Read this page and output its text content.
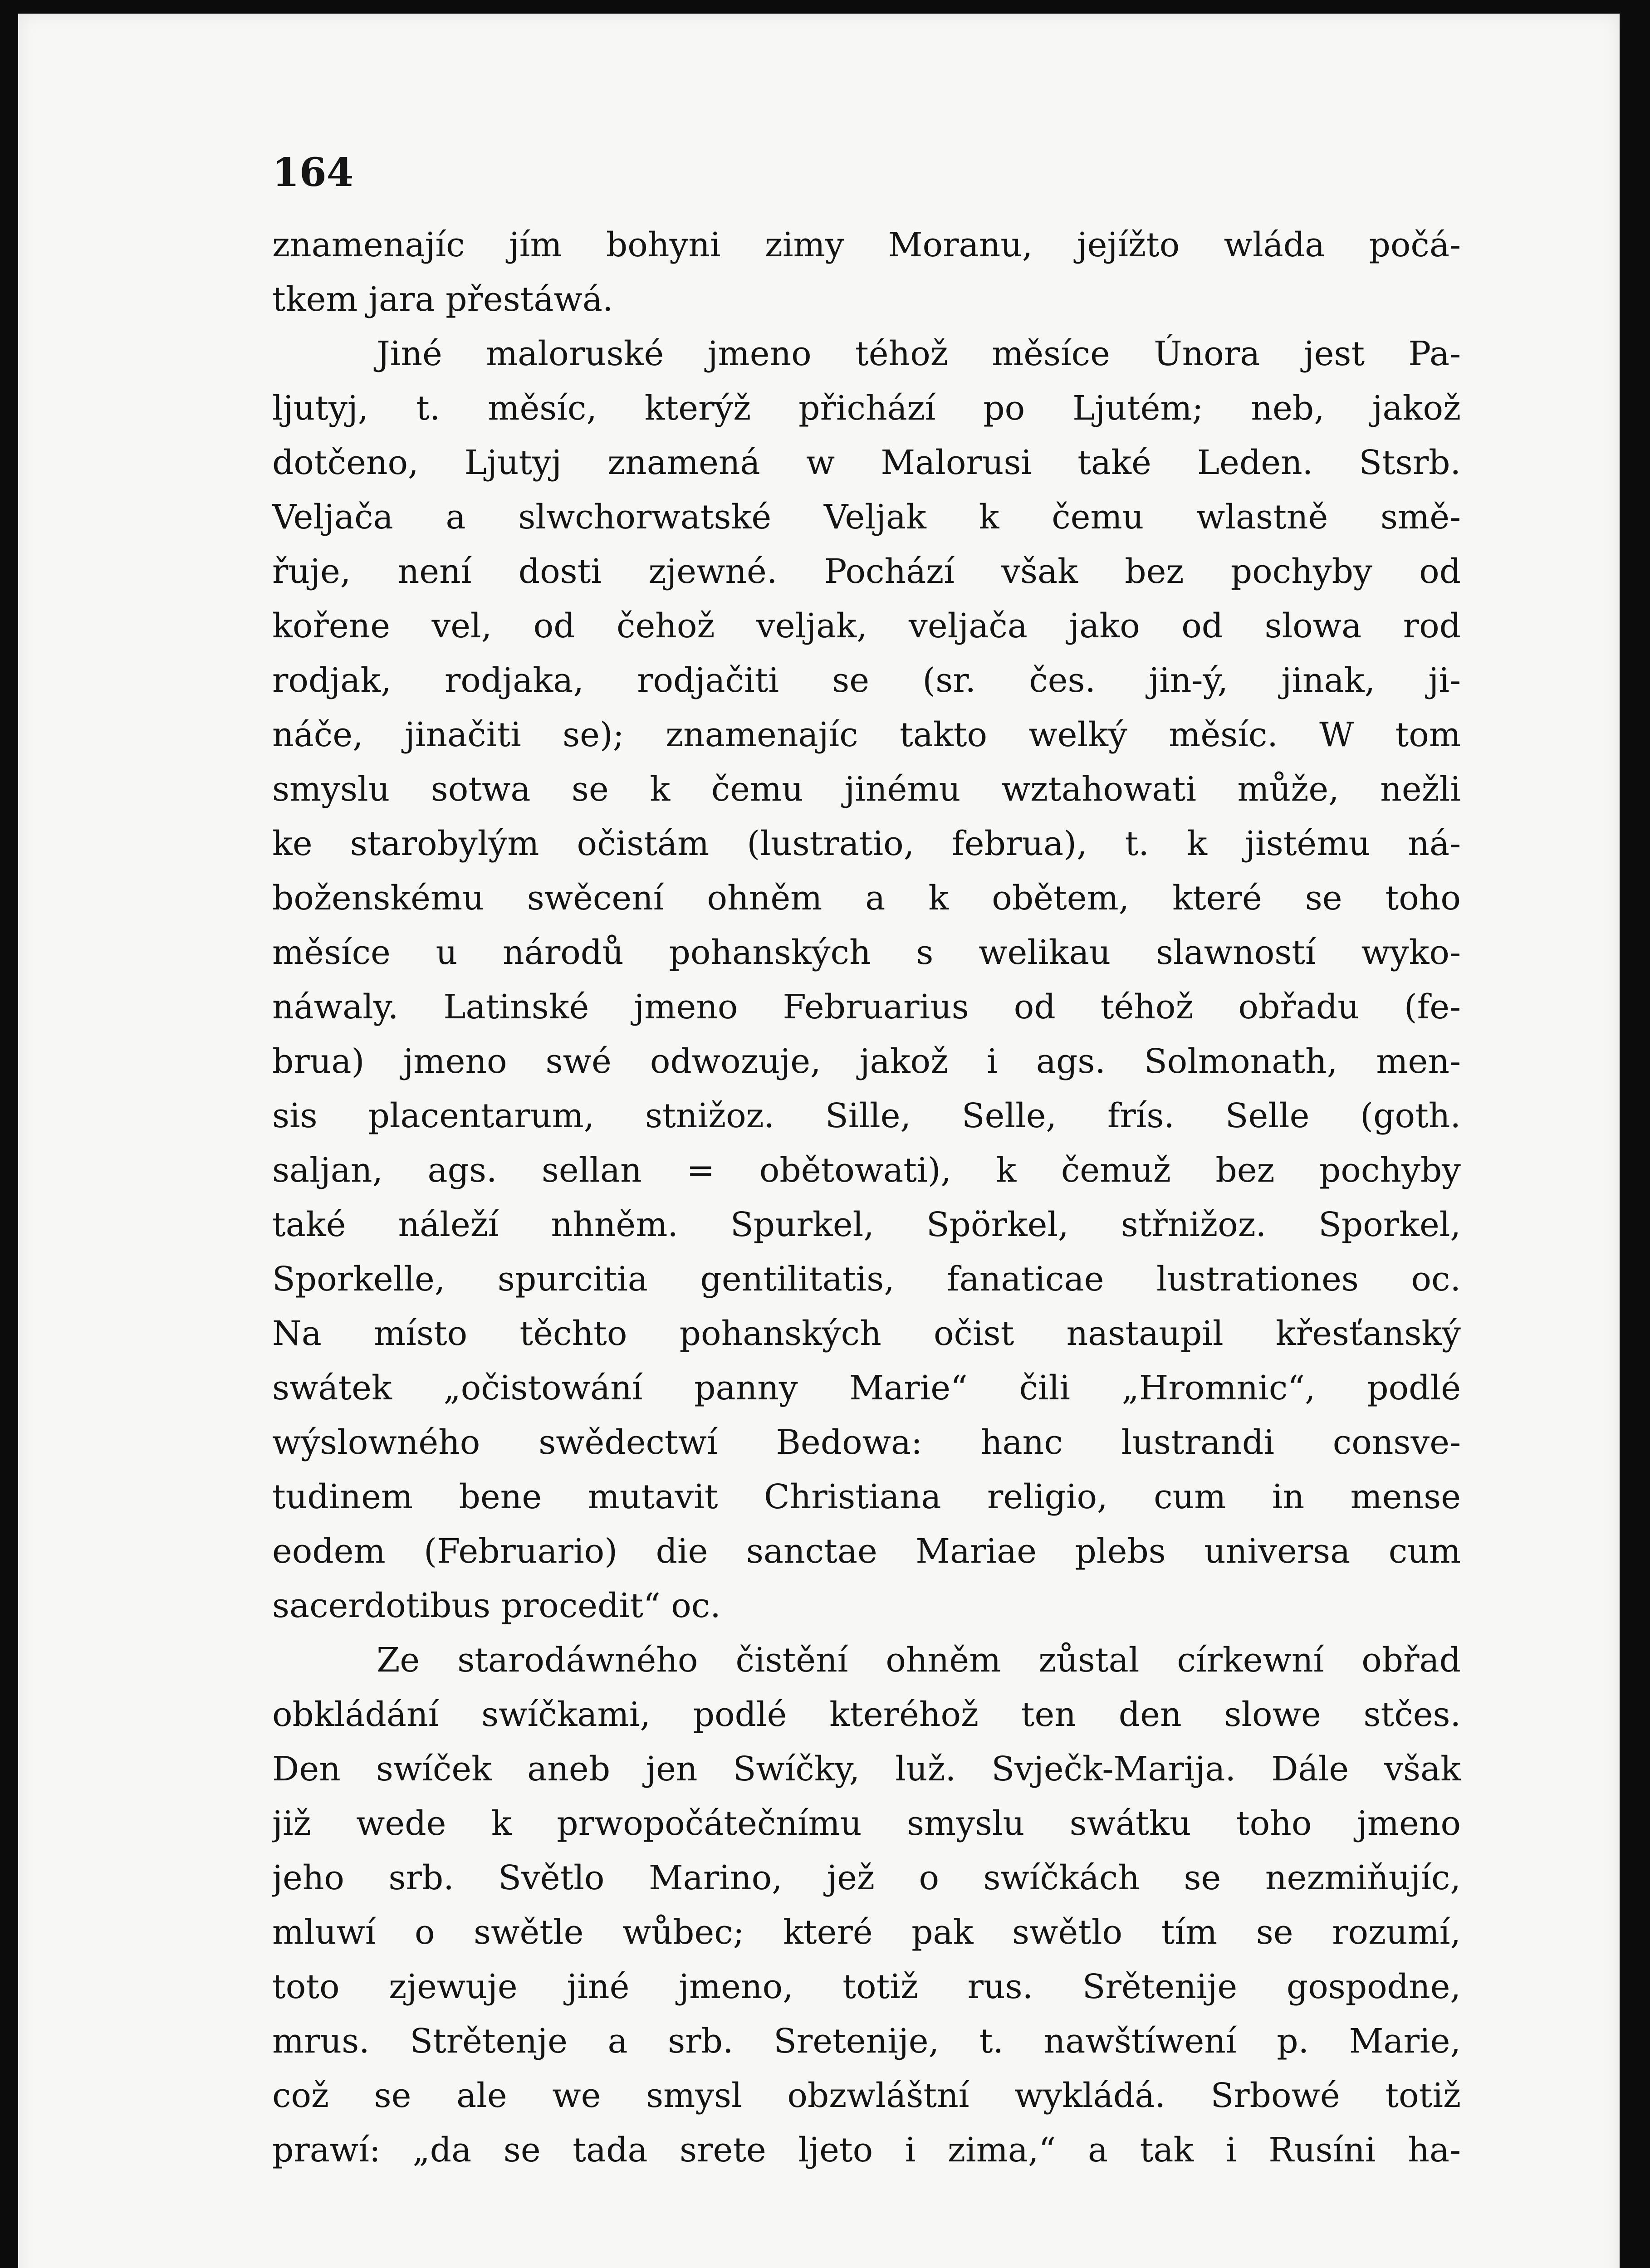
164
znamenajíc jím bohyni zimy Moranu, jejížto wláda počá-
tkem jara přestáwá.
Jiné maloruské jmeno téhož měsíce Února jest Pa-
ljutyj, t. měsíc, kterýž přichází po Ljutém; neb, jakož
dotčeno, Ljutyj znamená w Malorusi také Leden. Stsrb.
Veljača a slwchorwatské Veljak k čemu wlastně smě-
řuje, není dosti zjewné. Pochází však bez pochyby od
kořene vel, od čehož veljak, veljača jako od slowa rod
rodjak, rodjaka, rodjačiti se (sr. čes. jin-ý, jinak, ji-
náče, jinačiti se); znamenajíc takto welký měsíc. W tom
smyslu sotwa se k čemu jinému wztahowati může, nežli
ke starobylým očistám (lustratio, februa), t. k jistému ná-
boženskému swěcení ohněm a k obětem, které se toho
měsíce u národů pohanských s welikau slawností wyko-
náwaly. Latinské jmeno Februarius od téhož obřadu (fe-
brua) jmeno swé odwozuje, jakož i ags. Solmonath, men-
sis placentarum, stnižoz. Sille, Selle, frís. Selle (goth.
saljan, ags. sellan = obětowati), k čemuž bez pochyby
také náleží nhněm. Spurkel, Spörkel, střnižoz. Sporkel,
Sporkelle, spurcitia gentilitatis, fanaticae lustrationes oc.
Na místo těchto pohanských očist nastaupil křesťanský
swátek „očistowání panny Marie“ čili „Hromnic“, podlé
wýslowného swědectwí Bedowa: hanc lustrandi consve-
tudinem bene mutavit Christiana religio, cum in mense
eodem (Februario) die sanctae Mariae plebs universa cum
sacerdotibus procedit“ oc.
Ze starodáwného čistění ohněm zůstal církewní obřad
obkládání swíčkami, podlé kteréhož ten den slowe stčes.
Den swíček aneb jen Swíčky, luž. Svječk-Marija. Dále však
již wede k prwopočátečnímu smyslu swátku toho jmeno
jeho srb. Světlo Marino, jež o swíčkách se nezmiňujíc,
mluwí o swětle wůbec; které pak swětlo tím se rozumí,
toto zjewuje jiné jmeno, totiž rus. Srětenije gospodne,
mrus. Strětenje a srb. Sretenije, t. nawštíwení p. Marie,
což se ale we smysl obzwláštní wykládá. Srbowé totiž
prawí: „da se tada srete ljeto i zima,“ a tak i Rusíni ha-
